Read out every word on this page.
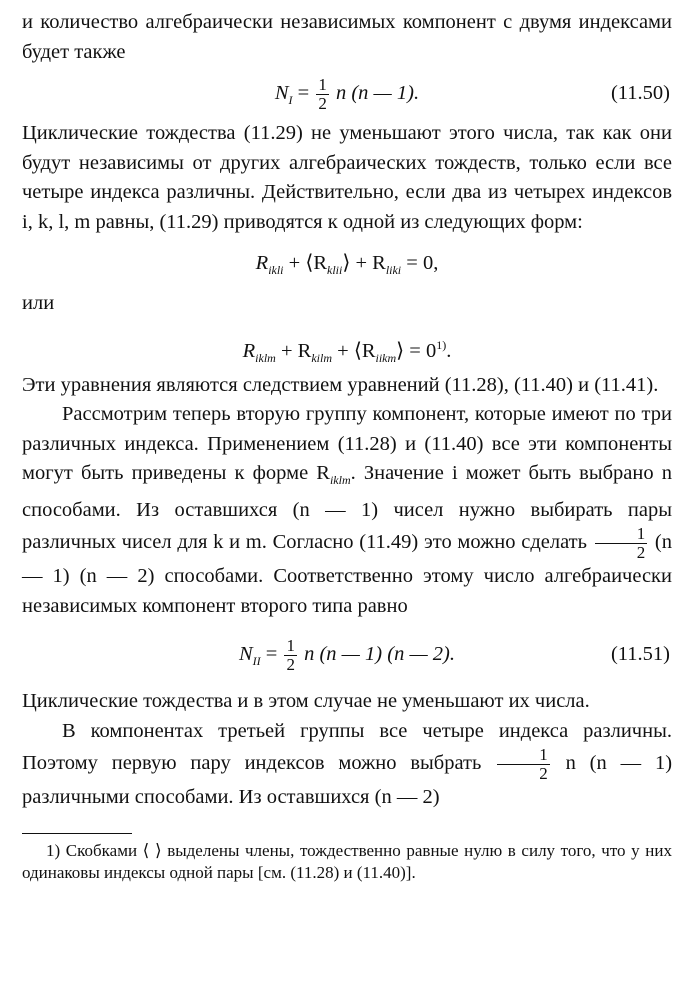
и количество алгебраически независимых компонент с двумя индексами будет также

$N_I = \frac{1}{2}$ n (n — 1).	(11.50)

Циклические тождества (11.29) не уменьшают этого числа, так как они будут независимы от других алгебраических тождеств, только если все четыре индекса различны. Действительно, если два из четырех индексов i, k, l, m равны, (11.29) приводятся к одной из следующих форм:

$R_{ikli}$ + $⟨R_{klii}⟩ + R_{liki} = 0$,

или

$R_{iklm} + R_{kilm}$ + $⟨R_{iikm}⟩ = 0^{1)}$.

Эти уравнения являются следствием уравнений (11.28), (11.40) и (11.41).

Рассмотрим теперь вторую группу компонент, которые имеют по три различных индекса. Применением (11.28) и (11.40) все эти компоненты могут быть приведены к форме $R_{iklm}$. Значение i может быть выбрано n способами. Из оставшихся (n — 1) чисел нужно выбирать пары различных чисел для k и m. Согласно (11.49) это можно сделать $\frac{1}{2} (n$ — 1) (n — 2) способами. Соответственно этому число алгебраически независимых компонент второго типа равно

$N_{II} = \frac{1}{2}$ n (n — 1) (n — 2).	(11.51)

Циклические тождества и в этом случае не уменьшают их числа.

В компонентах третьей группы все четыре индекса различны. Поэтому первую пару индексов можно выбрать $\frac{1}{2}$ n (n — 1) различными способами. Из оставшихся (n — 2)

1) Скобками ⟨ ⟩ выделены члены, тождественно равные нулю в силу того, что у них одинаковы индексы одной пары [см. (11.28) и (11.40)].
